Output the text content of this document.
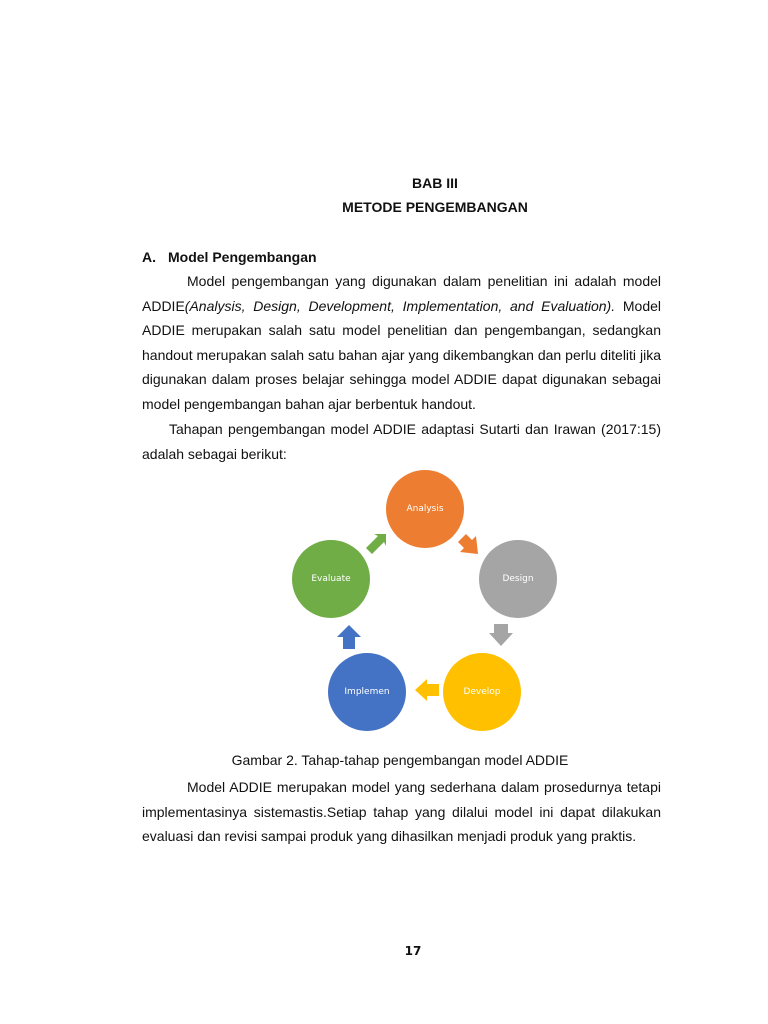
BAB III
METODE PENGEMBANGAN
A. Model Pengembangan

Model pengembangan yang digunakan dalam penelitian ini adalah model ADDIE(Analysis, Design, Development, Implementation, and Evaluation). Model ADDIE merupakan salah satu model penelitian dan pengembangan, sedangkan handout merupakan salah satu bahan ajar yang dikembangkan dan perlu diteliti jika digunakan dalam proses belajar sehingga model ADDIE dapat digunakan sebagai model pengembangan bahan ajar berbentuk handout.

Tahapan pengembangan model ADDIE adaptasi Sutarti dan Irawan (2017:15) adalah sebagai berikut:

Analysis
Design
Develop
Implemen
Evaluate
Gambar 2. Tahap-tahap pengembangan model ADDIE

Model ADDIE merupakan model yang sederhana dalam prosedurnya tetapi implementasinya sistemastis.Setiap tahap yang dilalui model ini dapat dilakukan evaluasi dan revisi sampai produk yang dihasilkan menjadi produk yang praktis.

17
